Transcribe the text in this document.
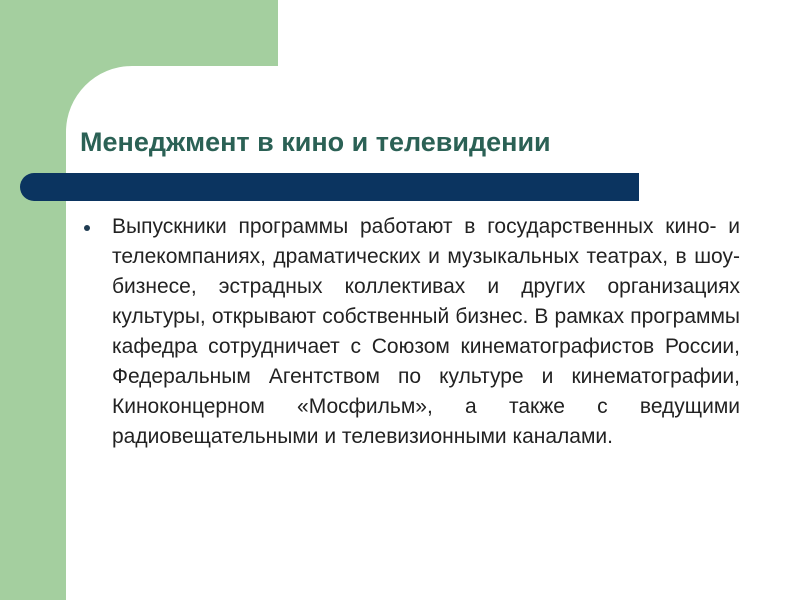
Менеджмент в кино и телевидении
Выпускники программы работают в государственных кино- и телекомпаниях, драматических и музыкальных театрах, в шоу-бизнесе, эстрадных коллективах и других организациях культуры, открывают собственный бизнес. В рамках программы кафедра сотрудничает с Союзом кинематографистов России, Федеральным Агентством по культуре и кинематографии, Киноконцерном «Мосфильм», а также с ведущими радиовещательными и телевизионными каналами.
